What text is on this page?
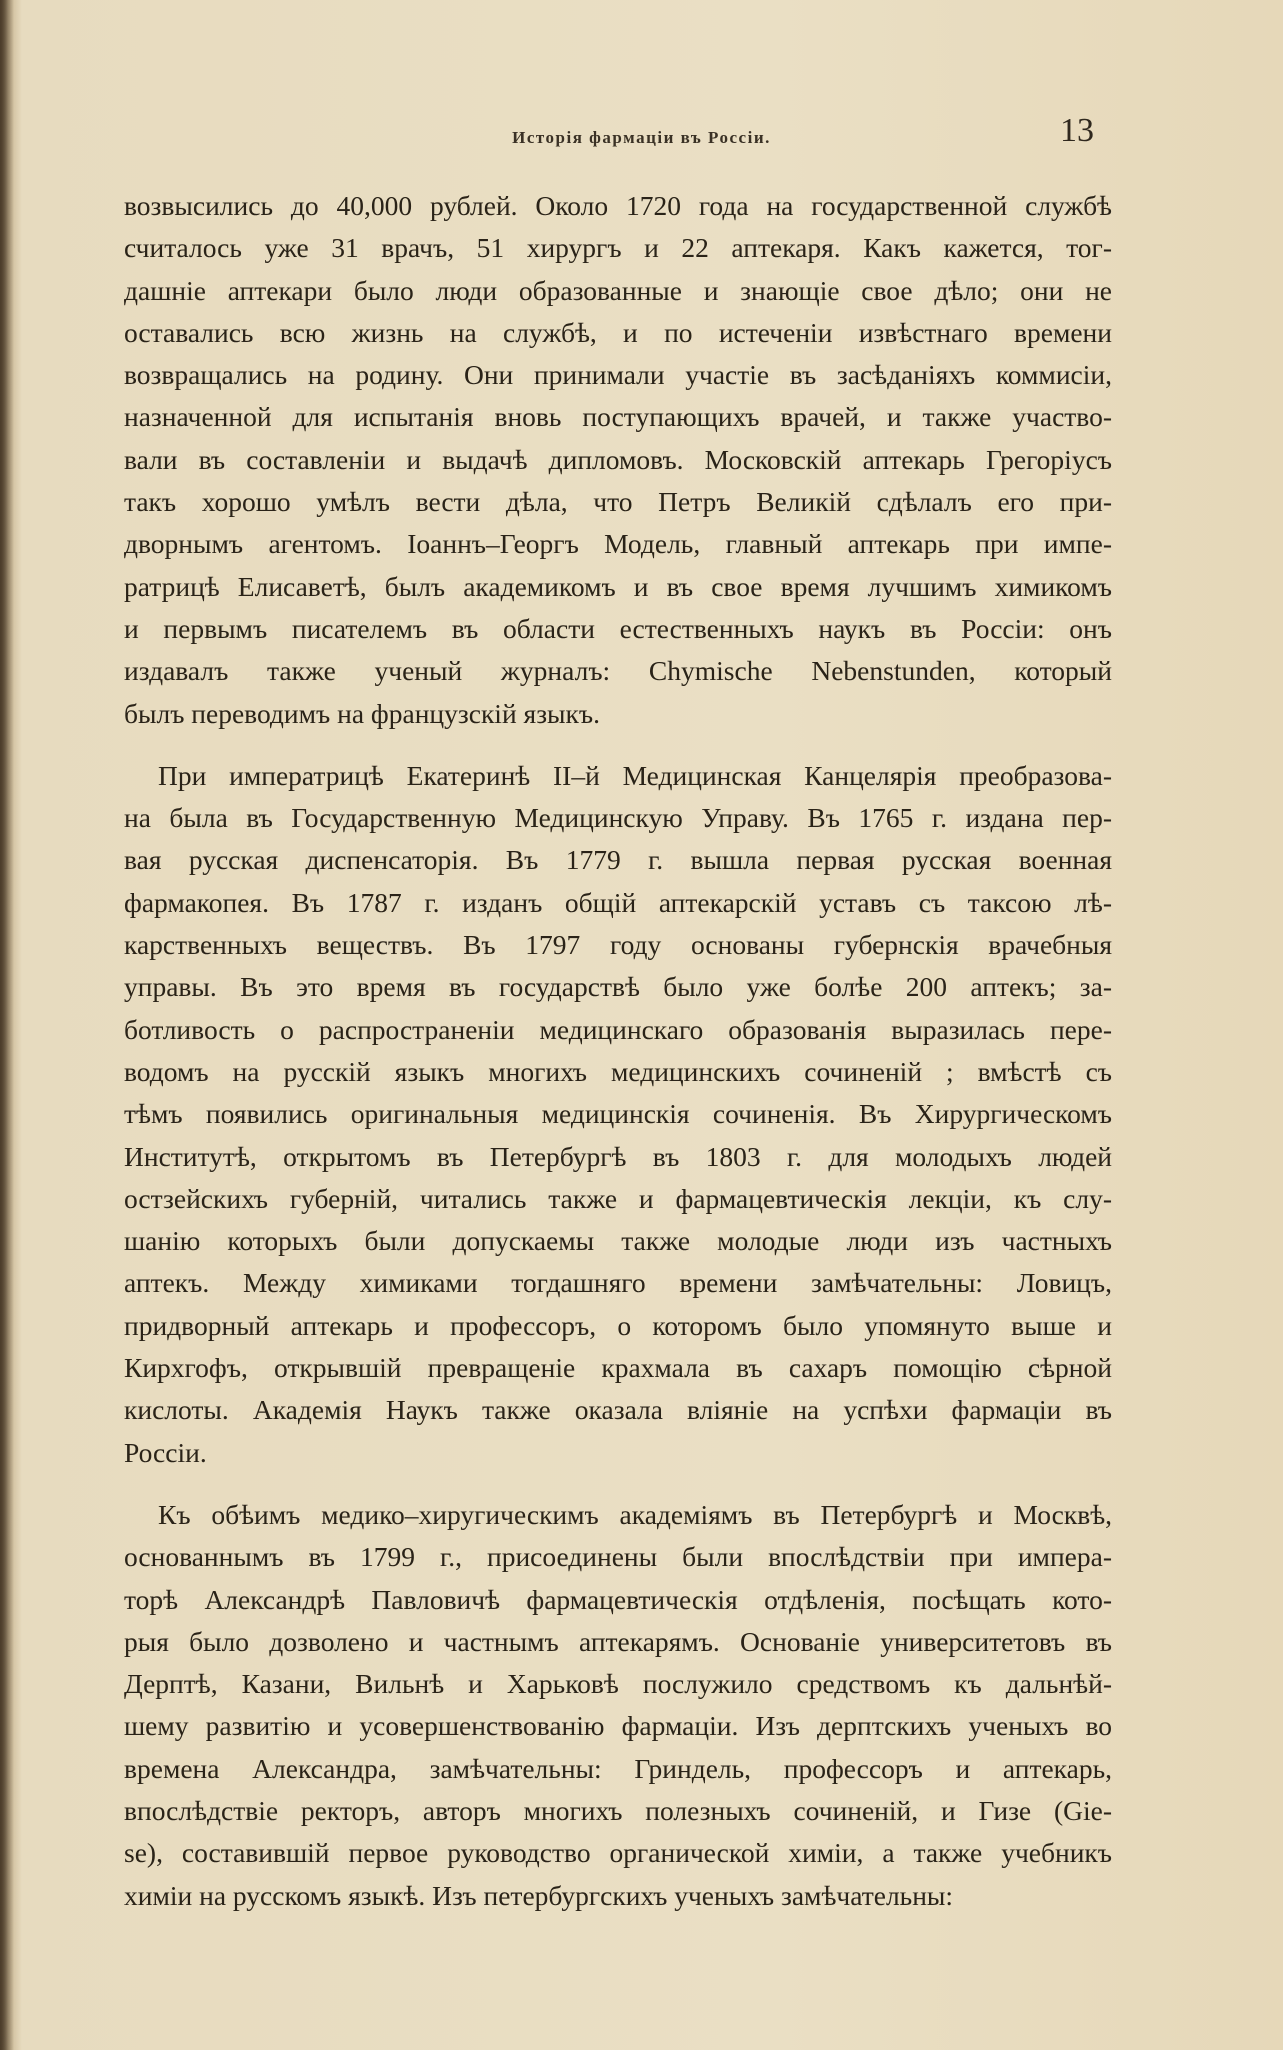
Исторія фармаціи въ Россіи.	13
возвысились до 40,000 рублей. Около 1720 года на государственной службѣ
считалось уже 31 врачъ, 51 хирургъ и 22 аптекаря. Какъ кажется, тог-
дашніе аптекари было люди образованные и знающіе свое дѣло; они не
оставались всю жизнь на службѣ, и по истеченіи извѣстнаго времени
возвращались на родину. Они принимали участіе въ засѣданіяхъ коммисіи,
назначенной для испытанія вновь поступающихъ врачей, и также участво-
вали въ составленіи и выдачѣ дипломовъ. Московскій аптекарь Грегоріусъ
такъ хорошо умѣлъ вести дѣла, что Петръ Великій сдѣлалъ его при-
дворнымъ агентомъ. Іоаннъ–Георгъ Модель, главный аптекарь при импе-
ратрицѣ Елисаветѣ, былъ академикомъ и въ свое время лучшимъ химикомъ
и первымъ писателемъ въ области естественныхъ наукъ въ Россіи: онъ
издавалъ также ученый журналъ: Chymische Nebenstunden, который
былъ переводимъ на французскій языкъ.
При императрицѣ Екатеринѣ II–й Медицинская Канцелярія преобразова-
на была въ Государственную Медицинскую Управу. Въ 1765 г. издана пер-
вая русская диспенсаторія. Въ 1779 г. вышла первая русская военная
фармакопея. Въ 1787 г. изданъ общій аптекарскій уставъ съ таксою лѣ-
карственныхъ веществъ. Въ 1797 году основаны губернскія врачебныя
управы. Въ это время въ государствѣ было уже болѣе 200 аптекъ; за-
ботливость о распространеніи медицинскаго образованія выразилась пере-
водомъ на русскій языкъ многихъ медицинскихъ сочиненій ; вмѣстѣ съ
тѣмъ появились оригинальныя медицинскія сочиненія. Въ Хирургическомъ
Институтѣ, открытомъ въ Петербургѣ въ 1803 г. для молодыхъ людей
остзейскихъ губерній, читались также и фармацевтическія лекціи, къ слу-
шанію которыхъ были допускаемы также молодые люди изъ частныхъ
аптекъ. Между химиками тогдашняго времени замѣчательны: Ловицъ,
придворный аптекарь и профессоръ, о которомъ было упомянуто выше и
Кирхгофъ, открывшій превращеніе крахмала въ сахаръ помощію сѣрной
кислоты. Академія Наукъ также оказала вліяніе на успѣхи фармаціи въ
Россіи.
Къ обѣимъ медико–хиругическимъ академіямъ въ Петербургѣ и Москвѣ,
основаннымъ въ 1799 г., присоединены были впослѣдствіи при импера-
торѣ Александрѣ Павловичѣ фармацевтическія отдѣленія, посѣщать кото-
рыя было дозволено и частнымъ аптекарямъ. Основаніе университетовъ въ
Дерптѣ, Казани, Вильнѣ и Харьковѣ послужило средствомъ къ дальнѣй-
шему развитію и усовершенствованію фармаціи. Изъ дерптскихъ ученыхъ во
времена Александра, замѣчательны: Гриндель, профессоръ и аптекарь,
впослѣдствіе ректоръ, авторъ многихъ полезныхъ сочиненій, и Гизе (Gie-
se), составившій первое руководство органической химіи, а также учебникъ
химіи на русскомъ языкѣ. Изъ петербургскихъ ученыхъ замѣчательны:
